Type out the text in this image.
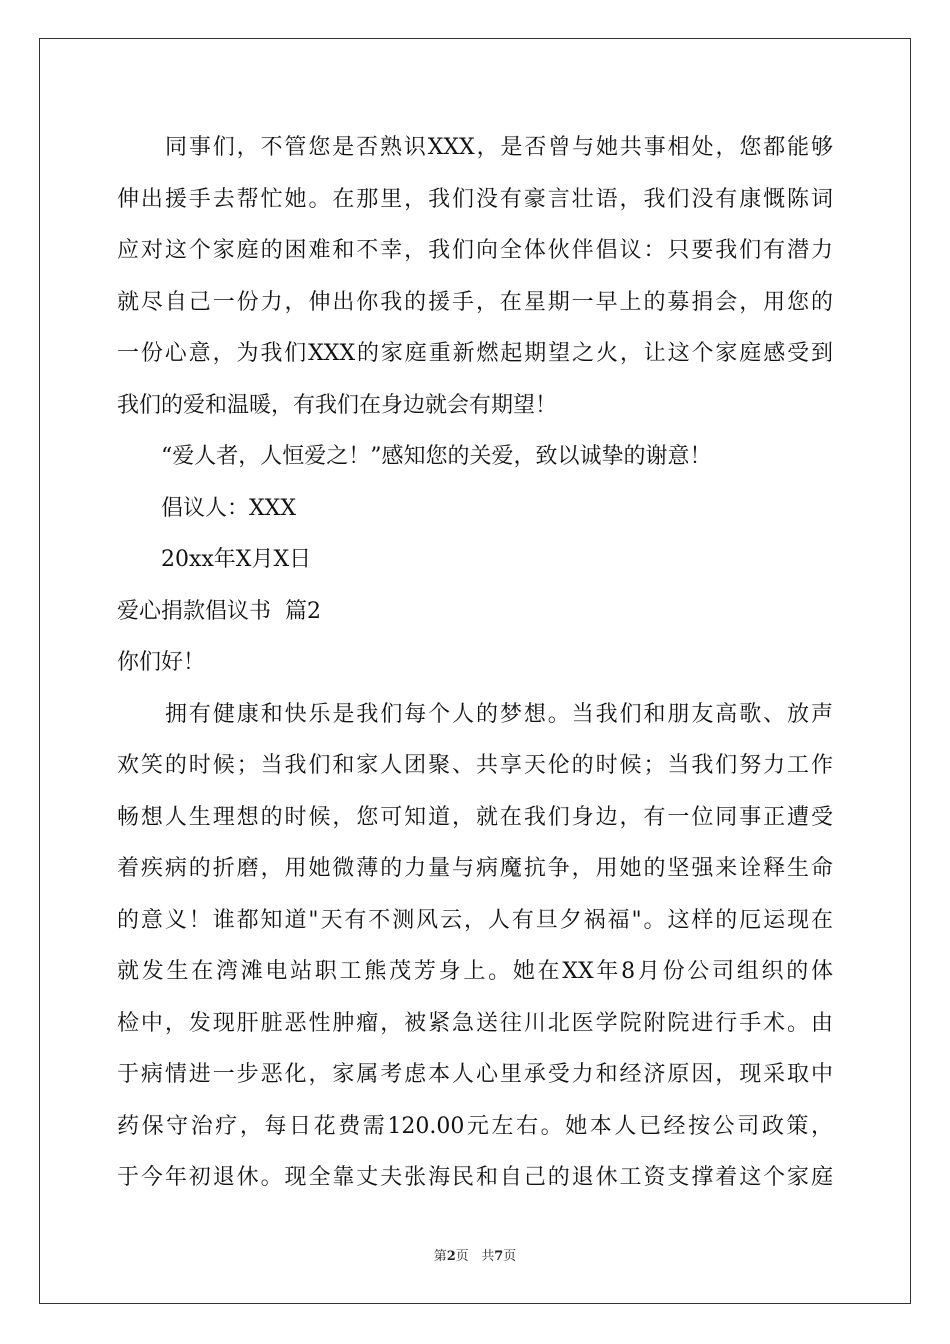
同事们，不管您是否熟识XXX，是否曾与她共事相处，您都能够
伸出援手去帮忙她。在那里，我们没有豪言壮语，我们没有康慨陈词
应对这个家庭的困难和不幸，我们向全体伙伴倡议：只要我们有潜力
就尽自己一份力，伸出你我的援手，在星期一早上的募捐会，用您的
一份心意，为我们XXX的家庭重新燃起期望之火，让这个家庭感受到
我们的爱和温暖，有我们在身边就会有期望！
“爱人者，人恒爱之！”感知您的关爱，致以诚挚的谢意！
倡议人：XXX
20xx年X月X日
爱心捐款倡议书  篇2
你们好！
拥有健康和快乐是我们每个人的梦想。当我们和朋友高歌、放声
欢笑的时候；当我们和家人团聚、共享天伦的时候；当我们努力工作
畅想人生理想的时候，您可知道，就在我们身边，有一位同事正遭受
着疾病的折磨，用她微薄的力量与病魔抗争，用她的坚强来诠释生命
的意义！谁都知道"天有不测风云，人有旦夕祸福"。这样的厄运现在
就发生在湾滩电站职工熊茂芳身上。她在XX年8月份公司组织的体
检中，发现肝脏恶性肿瘤，被紧急送往川北医学院附院进行手术。由
于病情进一步恶化，家属考虑本人心里承受力和经济原因，现采取中
药保守治疗，每日花费需120.00元左右。她本人已经按公司政策，
于今年初退休。现全靠丈夫张海民和自己的退休工资支撑着这个家庭
第2页   共7页
